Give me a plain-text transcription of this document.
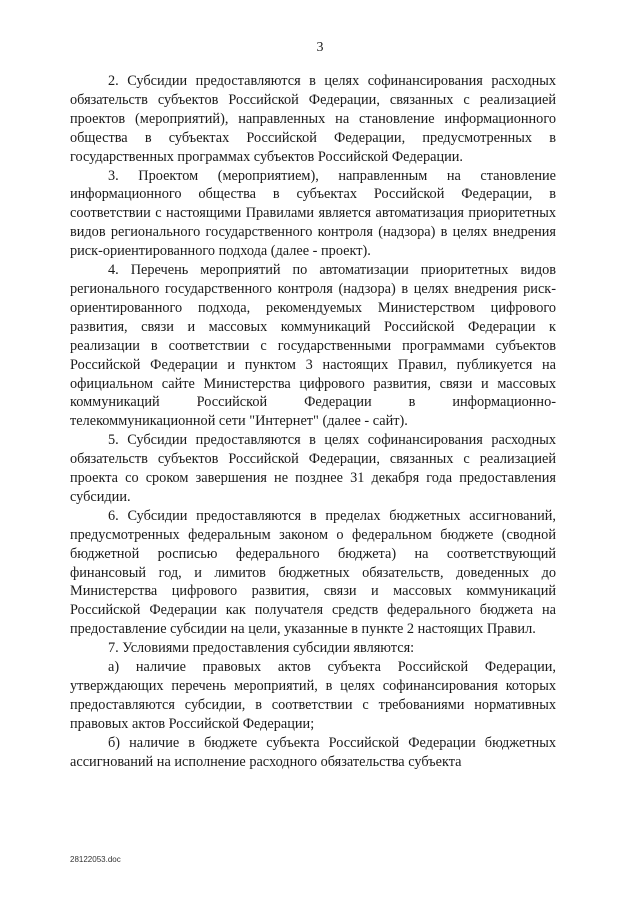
3

2. Субсидии предоставляются в целях софинансирования расходных обязательств субъектов Российской Федерации, связанных с реализацией проектов (мероприятий), направленных на становление информационного общества в субъектах Российской Федерации, предусмотренных в государственных программах субъектов Российской Федерации.

3. Проектом (мероприятием), направленным на становление информационного общества в субъектах Российской Федерации, в соответствии с настоящими Правилами является автоматизация приоритетных видов регионального государственного контроля (надзора) в целях внедрения риск-ориентированного подхода (далее - проект).

4. Перечень мероприятий по автоматизации приоритетных видов регионального государственного контроля (надзора) в целях внедрения риск-ориентированного подхода, рекомендуемых Министерством цифрового развития, связи и массовых коммуникаций Российской Федерации к реализации в соответствии с государственными программами субъектов Российской Федерации и пунктом 3 настоящих Правил, публикуется на официальном сайте Министерства цифрового развития, связи и массовых коммуникаций Российской Федерации в информационно-телекоммуникационной сети "Интернет" (далее - сайт).

5. Субсидии предоставляются в целях софинансирования расходных обязательств субъектов Российской Федерации, связанных с реализацией проекта со сроком завершения не позднее 31 декабря года предоставления субсидии.

6. Субсидии предоставляются в пределах бюджетных ассигнований, предусмотренных федеральным законом о федеральном бюджете (сводной бюджетной росписью федерального бюджета) на соответствующий финансовый год, и лимитов бюджетных обязательств, доведенных до Министерства цифрового развития, связи и массовых коммуникаций Российской Федерации как получателя средств федерального бюджета на предоставление субсидии на цели, указанные в пункте 2 настоящих Правил.

7. Условиями предоставления субсидии являются:

а) наличие правовых актов субъекта Российской Федерации, утверждающих перечень мероприятий, в целях софинансирования которых предоставляются субсидии, в соответствии с требованиями нормативных правовых актов Российской Федерации;

б) наличие в бюджете субъекта Российской Федерации бюджетных ассигнований на исполнение расходного обязательства субъекта

28122053.doc
